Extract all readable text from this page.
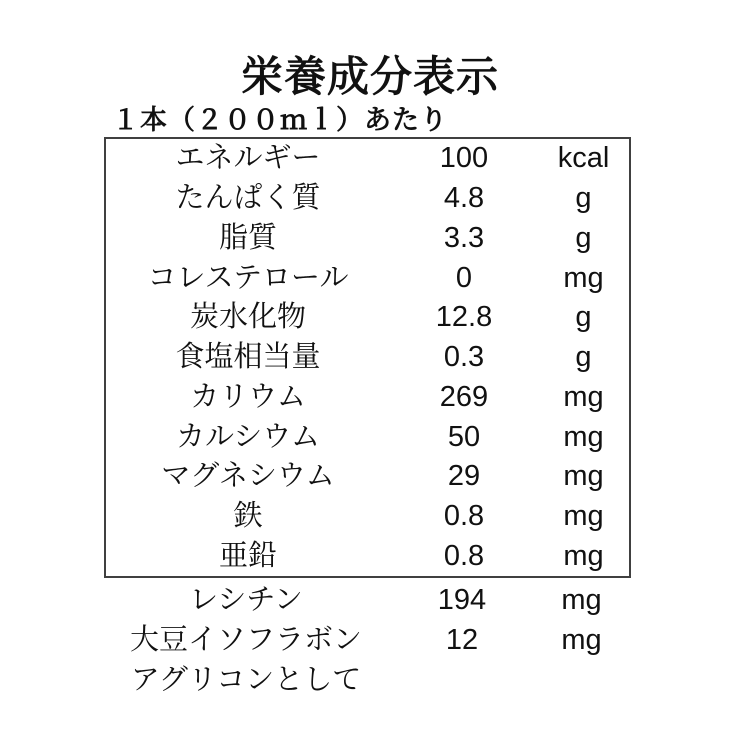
栄養成分表示
１本（２００ｍｌ）あたり
エネルギー	100	kcal
たんぱく質	4.8	g
脂質	3.3	g
コレステロール	0	mg
炭水化物	12.8	g
食塩相当量	0.3	g
カリウム	269	mg
カルシウム	50	mg
マグネシウム	29	mg
鉄	0.8	mg
亜鉛	0.8	mg
レシチン	194	mg
大豆イソフラボン	12	mg
アグリコンとして
